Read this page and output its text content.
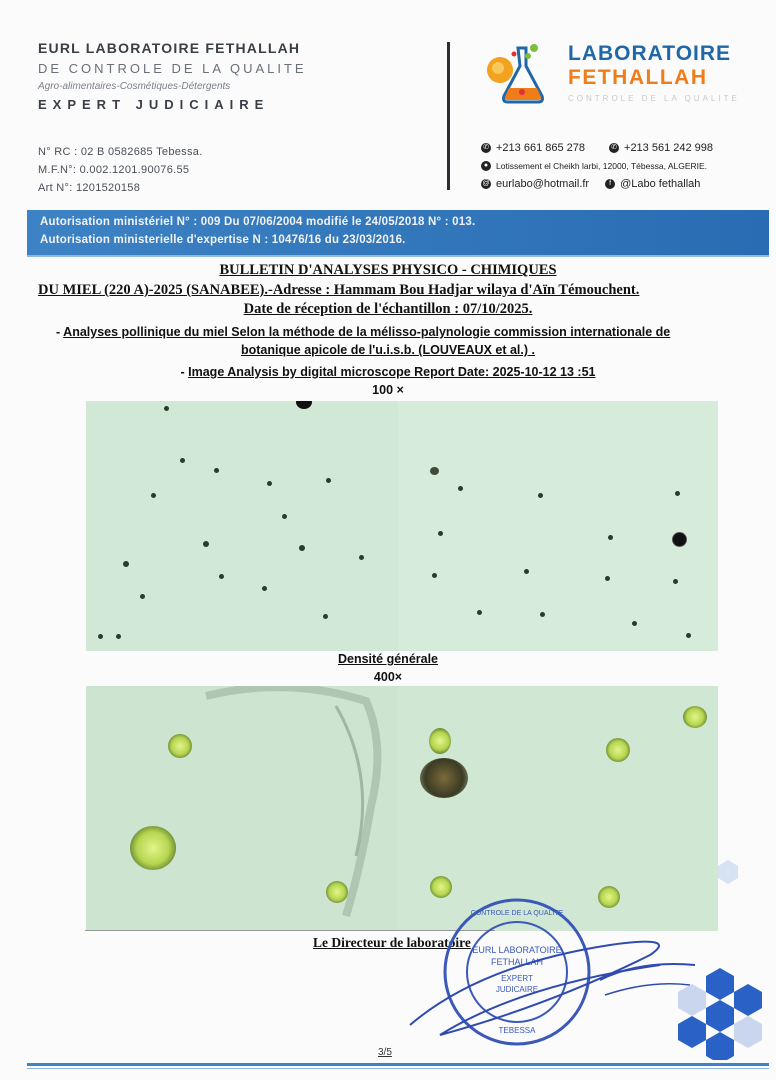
EURL LABORATOIRE FETHALLAH
DE CONTROLE DE LA QUALITE
Agro-alimentaires-Cosmétiques-Détergents
EXPERT JUDICIAIRE
N° RC : 02 B 0582685 Tebessa.
M.F.N°: 0.002.1201.90076.55
Art N°: 1201520158
LABORATOIRE
FETHALLAH
CONTROLE DE LA QUALITE
✆ +213 661 865 278	✆ +213 561 242 998
● Lotissement el Cheikh larbi, 12000, Tébessa, ALGERIE.
@ eurlabo@hotmail.fr	f @Labo fethallah
Autorisation ministériel N° : 009 Du 07/06/2004 modifié le 24/05/2018 N° : 013.
Autorisation ministerielle d'expertise N : 10476/16 du 23/03/2016.
BULLETIN D'ANALYSES PHYSICO - CHIMIQUES
DU MIEL (220 A)-2025 (SANABEE).-Adresse : Hammam Bou Hadjar wilaya d'Aïn Témouchent.
Date de réception de l'échantillon : 07/10/2025.
- Analyses pollinique du miel Selon la méthode de la mélisso-palynologie commission internationale de
botanique apicole de l'u.i.s.b. (LOUVEAUX et al.) .
- Image Analysis by digital microscope Report Date: 2025-10-12 13 :51
100 ×
Densité générale
400×
Le Directeur de laboratoire EURL LABORATOIRE
FETHALLAH
EXPERT
JUDICAIRE
TEBESSA
CONTROLE DE LA QUALITE
3/5
